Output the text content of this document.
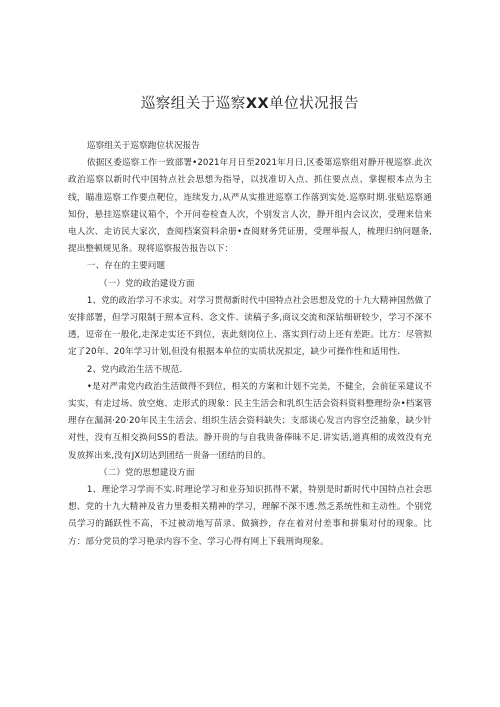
巡察组关于巡察XX单位状况报告

巡察组关于巡察跑位状况报告

依据区委巡察工作一致部署•2021年月日至2021年月日,区委第巡察组对静开视巡察.此次政治巡察以新时代中国特点社会思想为指导，以找准切入点、抓住要点点、掌握根本点为主线，瞄准巡察工作要点靶位，连续发力,从严从实推进巡察工作落到实处.巡察时期.张贴巡察通知份，悬挂巡察建议箱个，个开问卷检查人次，个别发言人次，静开组内会议次，受理来信来电人次、走访民大家次，查阅档案资料余册•查阅财务凭证册，受理举报人，梳理归纳问题条,提出整顿规见条。现将巡察报告报告以下：

一、存在的主要问题

（一）党的政治建设方面

1、党的政治学习不求实。对学习贯彻新时代中国特点社会思想及党的十九大精神国然做了安排部署，但学习限制于照本宣科、念文件、读稿子多,商议交流和深钻细研较少，学习不深不透，逗帝在一般化,走深走实还不到位，衷此刻岗位上、落实到行动上还有差距。比方：尽管拟定了20年、20年学习计划,但没有根据本单位的实质状况拟定，缺少可操作性和适用性.

2、党内政治生活不规范.

•是对严肃党内政治生活做得不到位，相关的方案和计划不完美，不健全，会前征采建议不实实，有走过场、放空炮、走形式的现象：民主生活会和乳织生活会资料资料整理纷杂•档案管理存在漏洞·20·20年民主生活会、组织生活会资料缺失；支部谈心发言内容空泛抽象，缺少针对性，没有互相交换问SS的看法。静开贵的与自我贵备俸昧不足.讲实话,道真相的成效没有充发放挥出来,没有JX切达到团结一贵备一团结的目的。

（二）党的思想建设方面

1、理论学习学而不实.时理论学习和业芬知识抓得不紧，特别是时新时代中国特点社会思想、党的十九大精神及省力里委相关精神的学习，理解不深不透.然乏系统性和主动性。个别党员学习的踊跃性不高，不过被动地写苗录、做摘抄，存在着对付差事和拼集对付的现象。比方：部分党员的学习艳录内容不全、学习心得有网上下载刑询现象。
